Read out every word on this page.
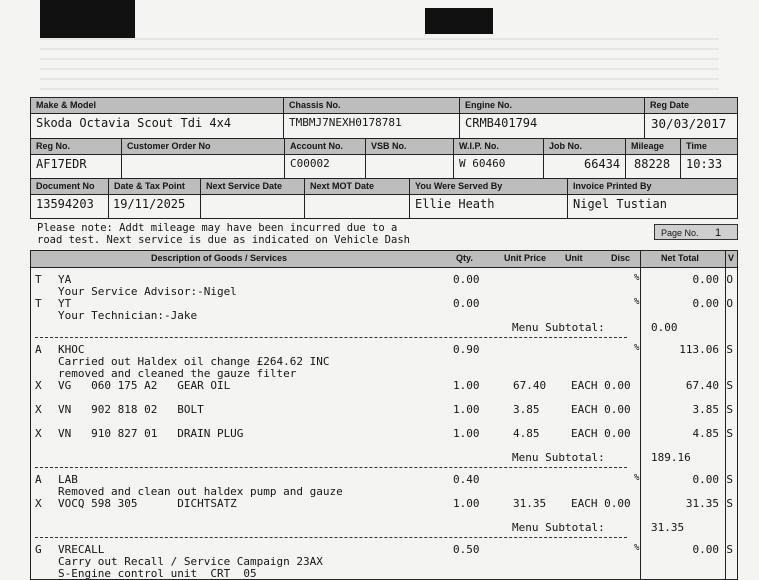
Make & Model
Skoda Octavia Scout Tdi 4x4
Chassis No.
TMBMJ7NEXH0178781
Engine No.
CRMB401794
Reg Date
30/03/2017
Reg No.
AF17EDR
Customer Order No	Account No.
C00002
VSB No.	W.I.P. No.
W 60460
Job No.
66434
Mileage
88228
Time
10:33
Document No
13594203
Date & Tax Point
19/11/2025
Next Service Date	Next MOT Date	You Were Served By
Ellie Heath
Invoice Printed By
Nigel Tustian
Please note: Addt mileage may have been incurred due to a
road test. Next service is due as indicated on Vehicle Dash
Page No. 1
Description of Goods / Services	Qty.	Unit Price Unit	Disc	Net Total	V
T YA	0.00	%	0.00 O
Your Service Advisor:-Nigel
T YT	0.00	%	0.00 O
Your Technician:-Jake
Menu Subtotal:	0.00
A KHOC	0.90	%	113.06 S
Carried out Haldex oil change £264.62 INC
removed and cleaned the gauze filter
X VG   060 175 A2   GEAR OIL	1.00	67.40 EACH 0.00	67.40 S
X VN   902 818 02   BOLT	1.00	3.85	EACH 0.00	3.85 S
X VN   910 827 01   DRAIN PLUG	1.00	4.85	EACH 0.00	4.85 S
Menu Subtotal:	189.16
A LAB	0.40	%	0.00 S
Removed and clean out haldex pump and gauze
X VOCQ 598 305      DICHTSATZ	1.00	31.35 EACH 0.00	31.35 S
Menu Subtotal:	31.35
G VRECALL	0.50	%	0.00 S
Carry out Recall / Service Campaign 23AX
S-Engine control unit  CRT  05
